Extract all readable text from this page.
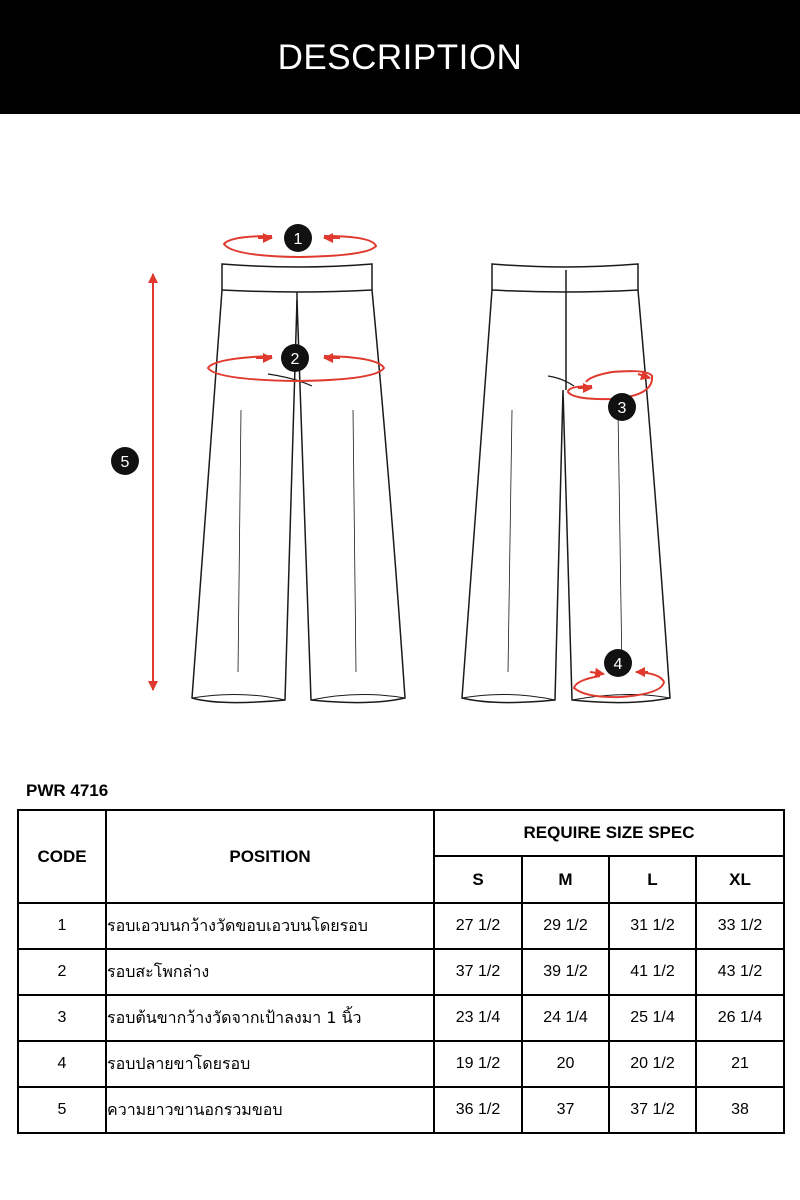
DESCRIPTION
1
2
3
4
5
PWR 4716
CODE	POSITION	REQUIRE SIZE SPEC			
		S	M	L	XL
1	รอบเอวบนกว้างวัดขอบเอวบนโดยรอบ	27 1/2	29 1/2	31 1/2	33 1/2
2	รอบสะโพกล่าง	37 1/2	39 1/2	41 1/2	43 1/2
3	รอบต้นขากว้างวัดจากเป้าลงมา 1 นิ้ว	23 1/4	24 1/4	25 1/4	26 1/4
4	รอบปลายขาโดยรอบ	19 1/2	20	20 1/2	21
5	ความยาวขานอกรวมขอบ	36 1/2	37	37 1/2	38
